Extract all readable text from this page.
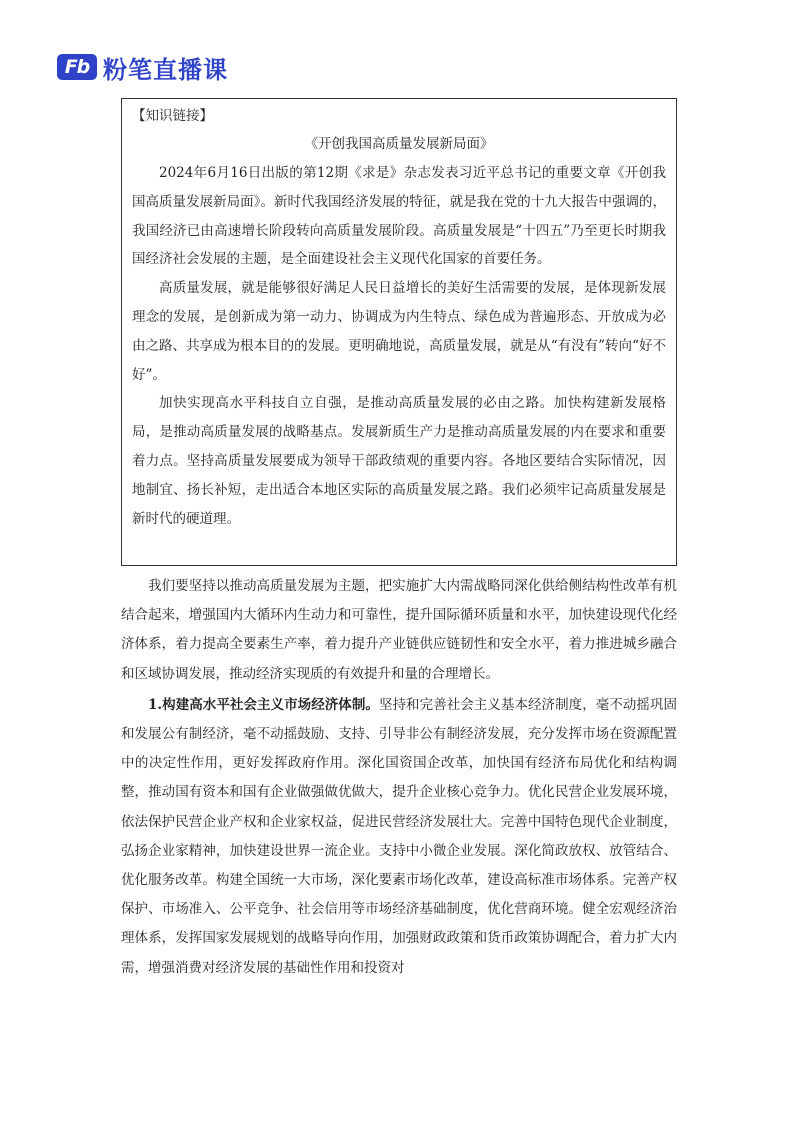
Fb 粉笔直播课
【知识链接】
《开创我国高质量发展新局面》

2024年6月16日出版的第12期《求是》杂志发表习近平总书记的重要文章《开创我国高质量发展新局面》。新时代我国经济发展的特征，就是我在党的十九大报告中强调的，我国经济已由高速增长阶段转向高质量发展阶段。高质量发展是“十四五”乃至更长时期我国经济社会发展的主题，是全面建设社会主义现代化国家的首要任务。

高质量发展，就是能够很好满足人民日益增长的美好生活需要的发展，是体现新发展理念的发展，是创新成为第一动力、协调成为内生特点、绿色成为普遍形态、开放成为必由之路、共享成为根本目的的发展。更明确地说，高质量发展，就是从“有没有”转向“好不好”。

加快实现高水平科技自立自强，是推动高质量发展的必由之路。加快构建新发展格局，是推动高质量发展的战略基点。发展新质生产力是推动高质量发展的内在要求和重要着力点。坚持高质量发展要成为领导干部政绩观的重要内容。各地区要结合实际情况，因地制宜、扬长补短，走出适合本地区实际的高质量发展之路。我们必须牢记高质量发展是新时代的硬道理。

我们要坚持以推动高质量发展为主题，把实施扩大内需战略同深化供给侧结构性改革有机结合起来，增强国内大循环内生动力和可靠性，提升国际循环质量和水平，加快建设现代化经济体系，着力提高全要素生产率，着力提升产业链供应链韧性和安全水平，着力推进城乡融合和区域协调发展，推动经济实现质的有效提升和量的合理增长。

1.构建高水平社会主义市场经济体制。坚持和完善社会主义基本经济制度，毫不动摇巩固和发展公有制经济，毫不动摇鼓励、支持、引导非公有制经济发展，充分发挥市场在资源配置中的决定性作用，更好发挥政府作用。深化国资国企改革，加快国有经济布局优化和结构调整，推动国有资本和国有企业做强做优做大，提升企业核心竞争力。优化民营企业发展环境，依法保护民营企业产权和企业家权益，促进民营经济发展壮大。完善中国特色现代企业制度，弘扬企业家精神，加快建设世界一流企业。支持中小微企业发展。深化简政放权、放管结合、优化服务改革。构建全国统一大市场，深化要素市场化改革，建设高标准市场体系。完善产权保护、市场准入、公平竞争、社会信用等市场经济基础制度，优化营商环境。健全宏观经济治理体系，发挥国家发展规划的战略导向作用，加强财政政策和货币政策协调配合，着力扩大内需，增强消费对经济发展的基础性作用和投资对
